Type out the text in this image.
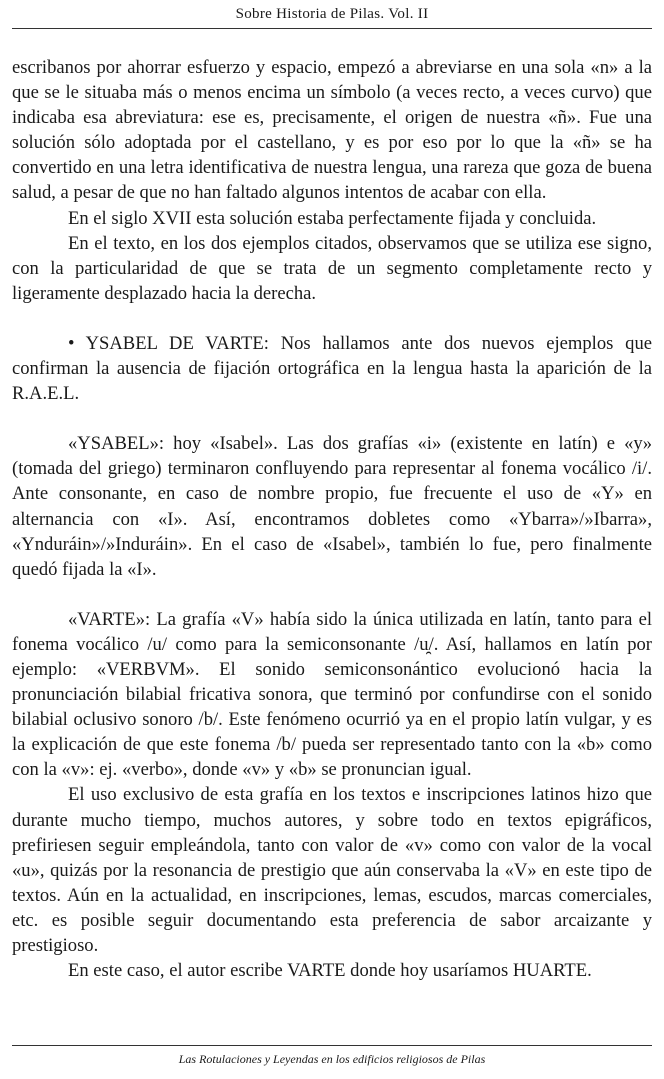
Sobre Historia de Pilas. Vol. II

escribanos por ahorrar esfuerzo y espacio, empezó a abreviarse en una sola «n» a la que se le situaba más o menos encima un símbolo (a veces recto, a veces curvo) que indicaba esa abreviatura: ese es, precisamente, el origen de nuestra «ñ». Fue una solución sólo adoptada por el castellano, y es por eso por lo que la «ñ» se ha convertido en una letra identificativa de nuestra lengua, una rareza que goza de buena salud, a pesar de que no han faltado algunos intentos de acabar con ella.

En el siglo XVII esta solución estaba perfectamente fijada y concluida.

En el texto, en los dos ejemplos citados, observamos que se utiliza ese signo, con la particularidad de que se trata de un segmento completamente recto y ligeramente desplazado hacia la derecha.

• YSABEL DE VARTE: Nos hallamos ante dos nuevos ejemplos que confirman la ausencia de fijación ortográfica en la lengua hasta la aparición de la R.A.E.L.

«YSABEL»: hoy «Isabel». Las dos grafías «i» (existente en latín) e «y» (tomada del griego) terminaron confluyendo para representar al fonema vocálico /i/. Ante consonante, en caso de nombre propio, fue frecuente el uso de «Y» en alternancia con «I». Así, encontramos dobletes como «Ybarra»/»Ibarra», «Ynduráin»/»Induráin». En el caso de «Isabel», también lo fue, pero finalmente quedó fijada la «I».

«VARTE»: La grafía «V» había sido la única utilizada en latín, tanto para el fonema vocálico /u/ como para la semiconsonante /u̯/. Así, hallamos en latín por ejemplo: «VERBVM». El sonido semiconsonántico evolucionó hacia la pronunciación bilabial fricativa sonora, que terminó por confundirse con el sonido bilabial oclusivo sonoro /b/. Este fenómeno ocurrió ya en el propio latín vulgar, y es la explicación de que este fonema /b/ pueda ser representado tanto con la «b» como con la «v»: ej. «verbo», donde «v» y «b» se pronuncian igual.

El uso exclusivo de esta grafía en los textos e inscripciones latinos hizo que durante mucho tiempo, muchos autores, y sobre todo en textos epigráficos, prefiriesen seguir empleándola, tanto con valor de «v» como con valor de la vocal «u», quizás por la resonancia de prestigio que aún conservaba la «V» en este tipo de textos. Aún en la actualidad, en inscripciones, lemas, escudos, marcas comerciales, etc. es posible seguir documentando esta preferencia de sabor arcaizante y prestigioso.

En este caso, el autor escribe VARTE donde hoy usaríamos HUARTE.

Las Rotulaciones y Leyendas en los edificios religiosos de Pilas
